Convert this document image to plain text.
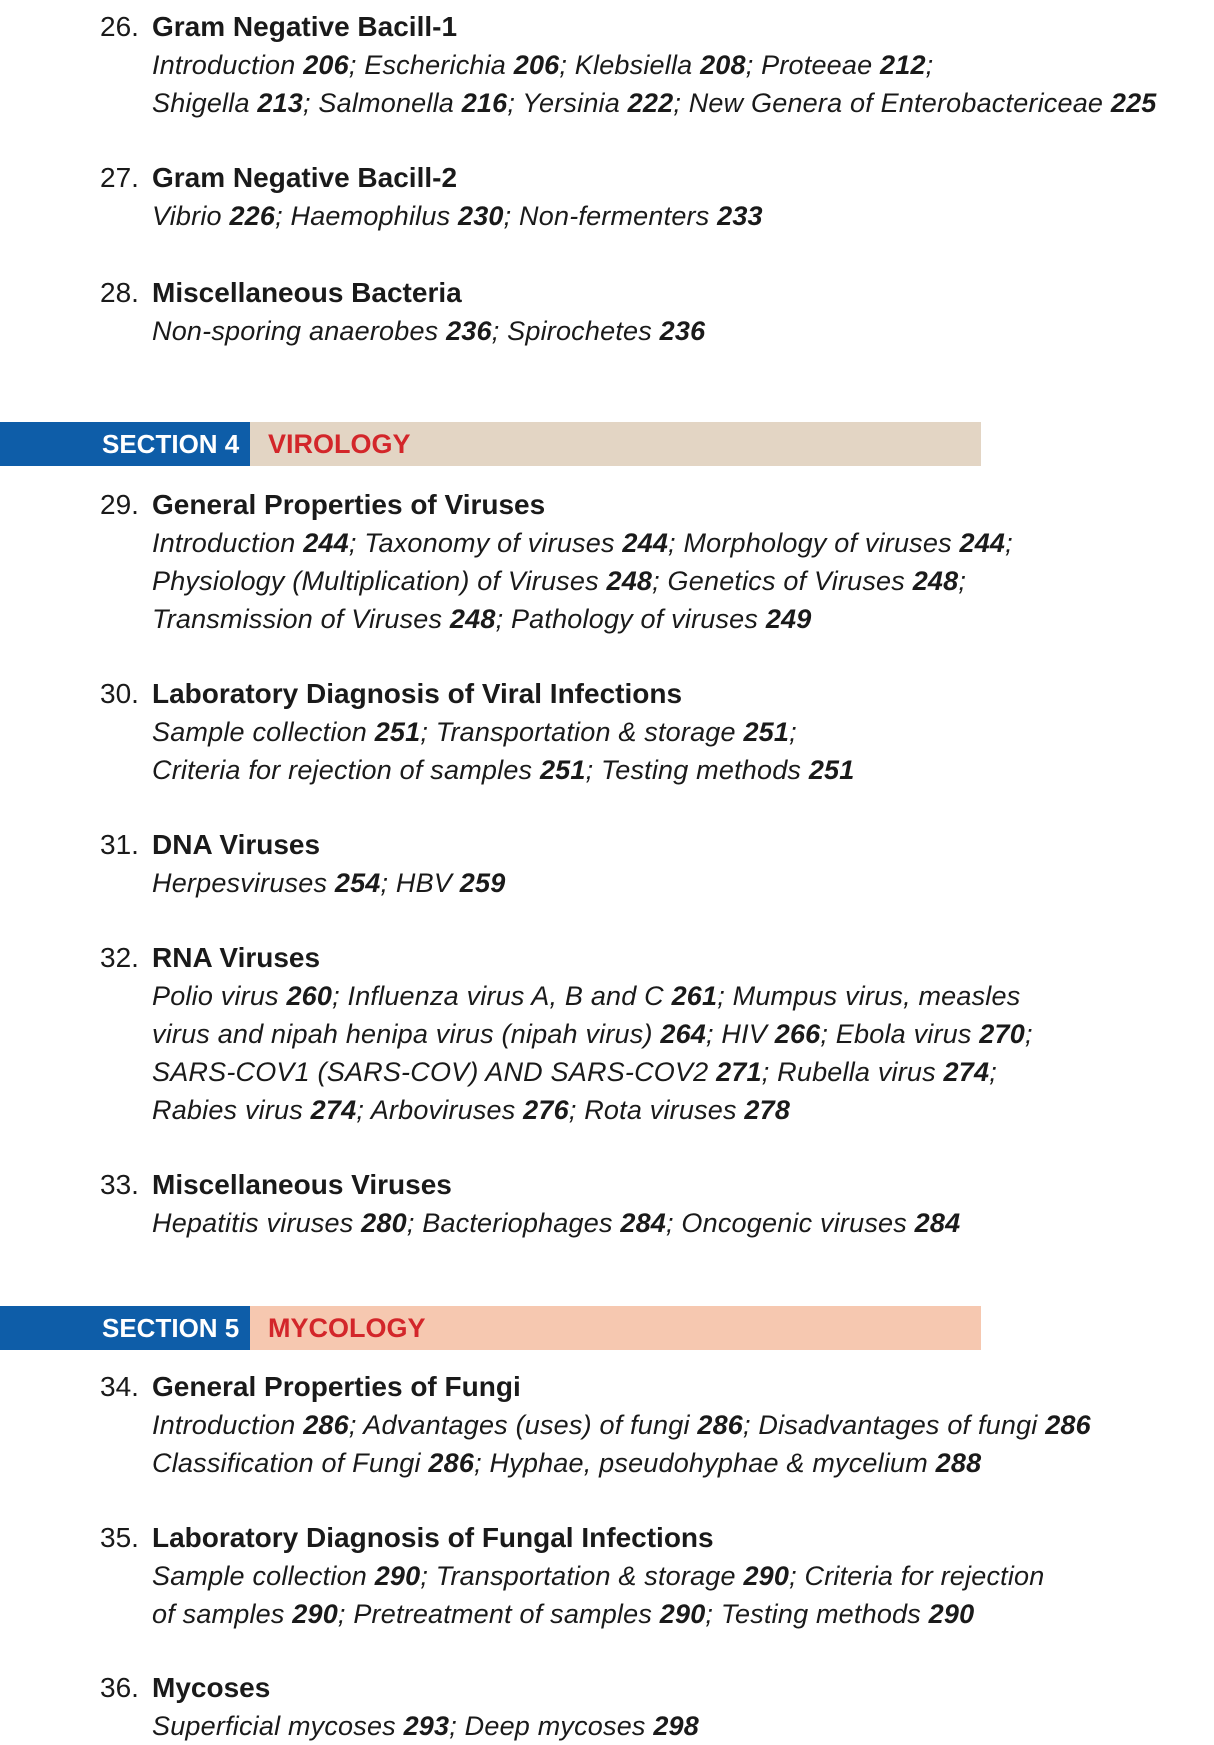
26. Gram Negative Bacill-1
Introduction 206; Escherichia 206; Klebsiella 208; Proteeae 212;
Shigella 213; Salmonella 216; Yersinia 222; New Genera of Enterobactericeae 225
27. Gram Negative Bacill-2
Vibrio 226; Haemophilus 230; Non-fermenters 233
28. Miscellaneous Bacteria
Non-sporing anaerobes 236; Spirochetes 236
SECTION 4	VIROLOGY
29. General Properties of Viruses
Introduction 244; Taxonomy of viruses 244; Morphology of viruses 244;
Physiology (Multiplication) of Viruses 248; Genetics of Viruses 248;
Transmission of Viruses 248; Pathology of viruses 249
30. Laboratory Diagnosis of Viral Infections
Sample collection 251; Transportation & storage 251;
Criteria for rejection of samples 251; Testing methods 251
31. DNA Viruses
Herpesviruses 254; HBV 259
32. RNA Viruses
Polio virus 260; Influenza virus A, B and C 261; Mumpus virus, measles
virus and nipah henipa virus (nipah virus) 264; HIV 266; Ebola virus 270;
SARS-COV1 (SARS-COV) AND SARS-COV2 271; Rubella virus 274;
Rabies virus 274; Arboviruses 276; Rota viruses 278
33. Miscellaneous Viruses
Hepatitis viruses 280; Bacteriophages 284; Oncogenic viruses 284
SECTION 5	MYCOLOGY
34. General Properties of Fungi
Introduction 286; Advantages (uses) of fungi 286; Disadvantages of fungi 286
Classification of Fungi 286; Hyphae, pseudohyphae & mycelium 288
35. Laboratory Diagnosis of Fungal Infections
Sample collection 290; Transportation & storage 290; Criteria for rejection
of samples 290; Pretreatment of samples 290; Testing methods 290
36. Mycoses
Superficial mycoses 293; Deep mycoses 298
